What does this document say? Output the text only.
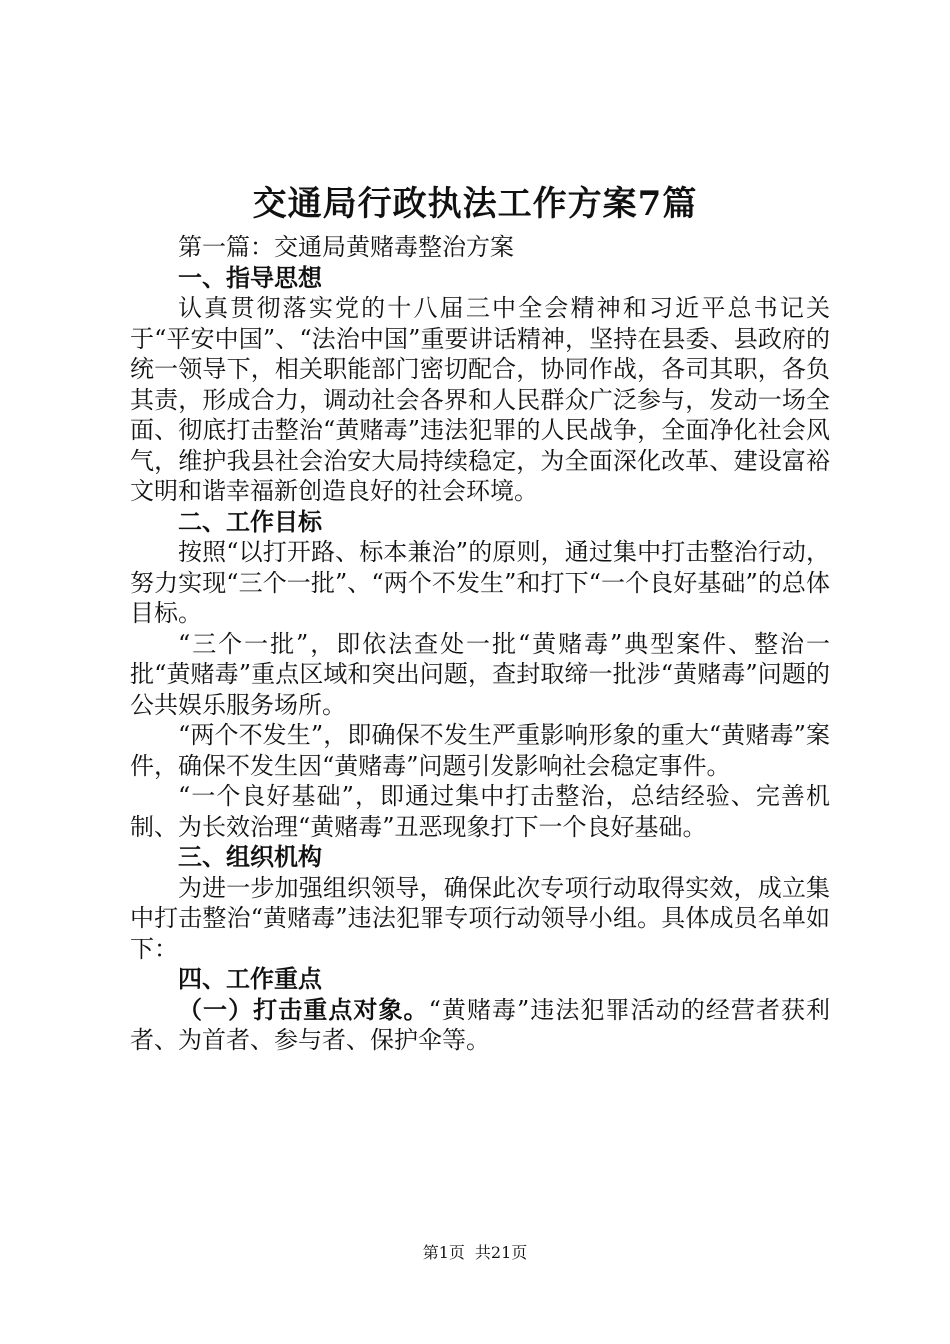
交通局行政执法工作方案7篇

第一篇：交通局黄赌毒整治方案

一、指导思想

认真贯彻落实党的十八届三中全会精神和习近平总书记关于“平安中国”、“法治中国”重要讲话精神，坚持在县委、县政府的统一领导下，相关职能部门密切配合，协同作战，各司其职，各负其责，形成合力，调动社会各界和人民群众广泛参与，发动一场全面、彻底打击整治“黄赌毒”违法犯罪的人民战争，全面净化社会风气，维护我县社会治安大局持续稳定，为全面深化改革、建设富裕文明和谐幸福新创造良好的社会环境。

二、工作目标

按照“以打开路、标本兼治”的原则，通过集中打击整治行动，努力实现“三个一批”、“两个不发生”和打下“一个良好基础”的总体目标。

“三个一批”，即依法查处一批“黄赌毒”典型案件、整治一批“黄赌毒”重点区域和突出问题，查封取缔一批涉“黄赌毒”问题的公共娱乐服务场所。

“两个不发生”，即确保不发生严重影响形象的重大“黄赌毒”案件，确保不发生因“黄赌毒”问题引发影响社会稳定事件。

“一个良好基础”，即通过集中打击整治，总结经验、完善机制、为长效治理“黄赌毒”丑恶现象打下一个良好基础。

三、组织机构

为进一步加强组织领导，确保此次专项行动取得实效，成立集中打击整治“黄赌毒”违法犯罪专项行动领导小组。具体成员名单如下：

四、工作重点

（一）打击重点对象。“黄赌毒”违法犯罪活动的经营者获利者、为首者、参与者、保护伞等。

第1页 共21页
